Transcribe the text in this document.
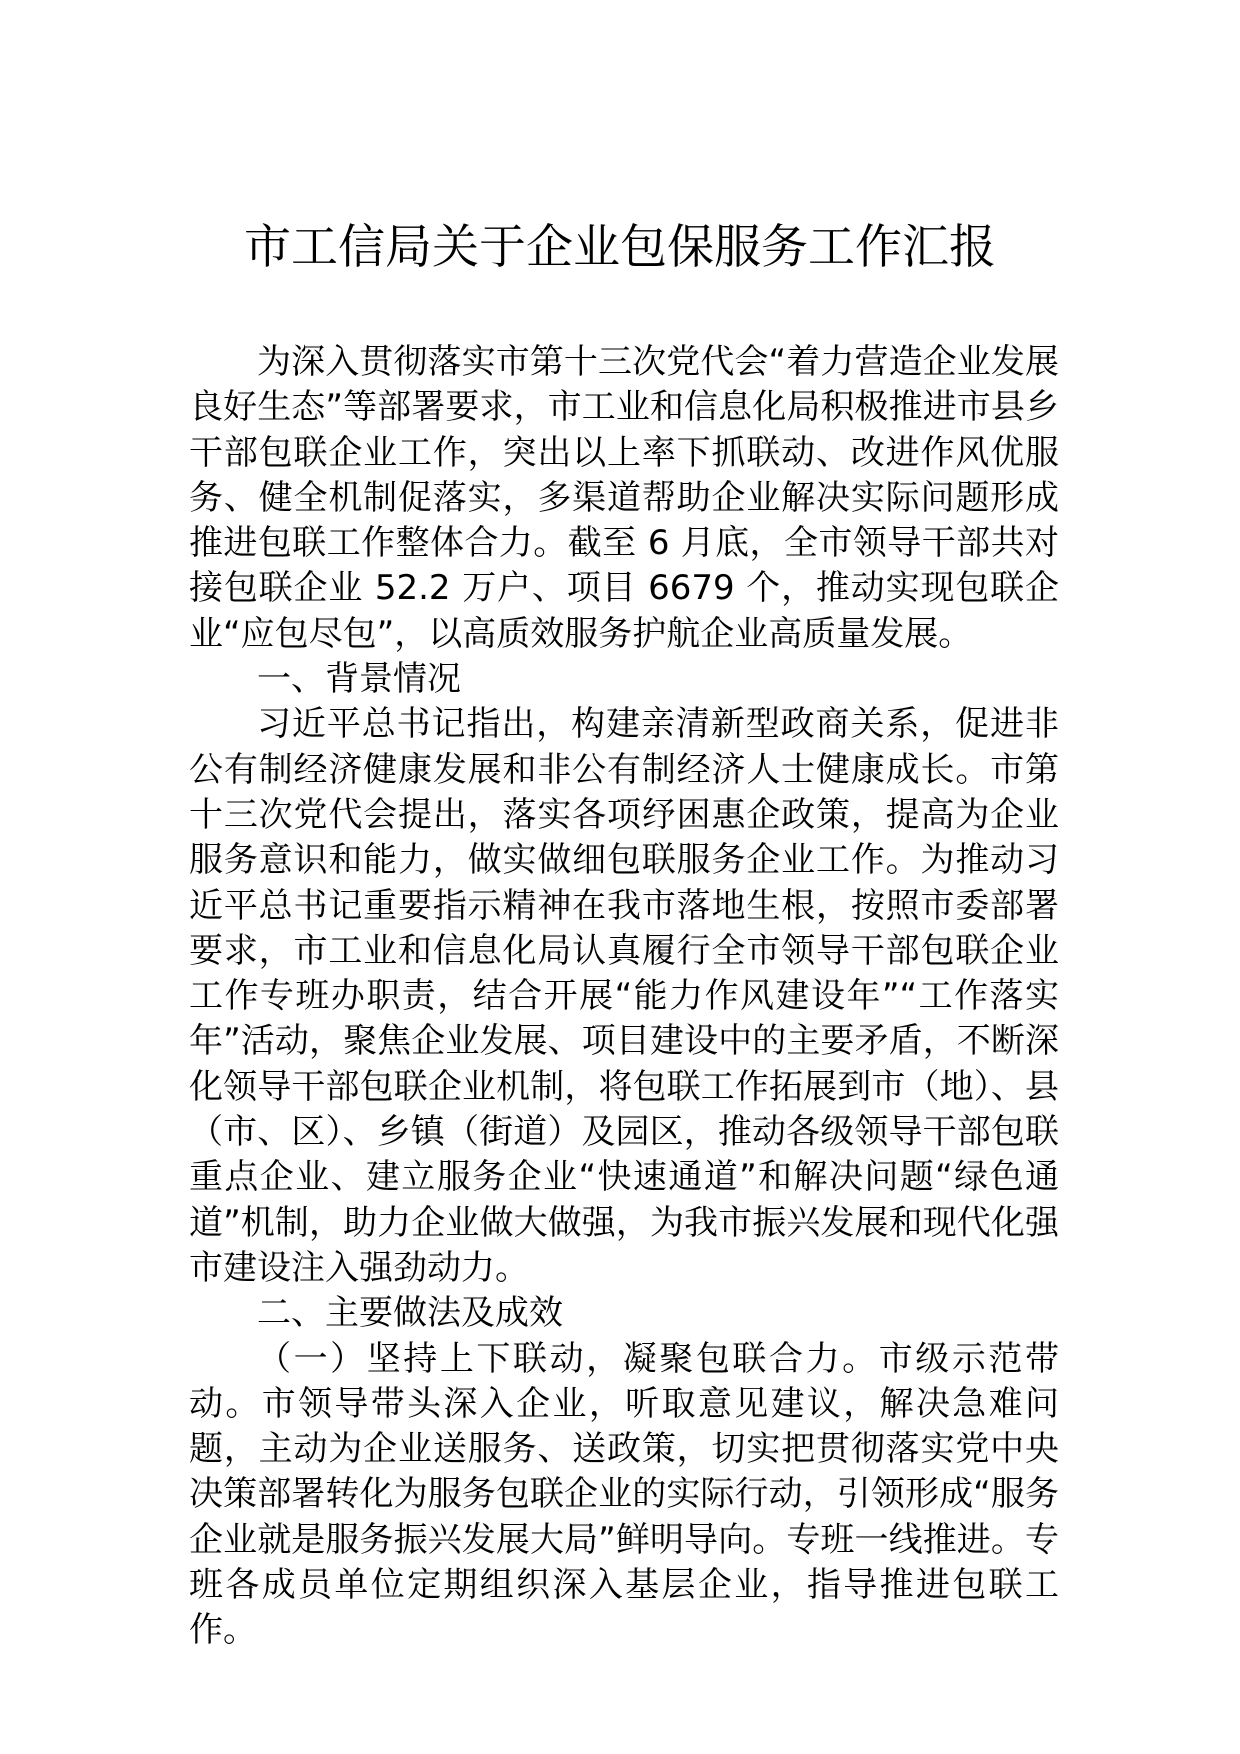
市工信局关于企业包保服务工作汇报

为深入贯彻落实市第十三次党代会“着力营造企业发展良好生态”等部署要求，市工业和信息化局积极推进市县乡干部包联企业工作，突出以上率下抓联动、改进作风优服务、健全机制促落实，多渠道帮助企业解决实际问题形成推进包联工作整体合力。截至 6 月底，全市领导干部共对接包联企业 52.2 万户、项目 6679 个，推动实现包联企业“应包尽包”，以高质效服务护航企业高质量发展。

一、背景情况

习近平总书记指出，构建亲清新型政商关系，促进非公有制经济健康发展和非公有制经济人士健康成长。市第十三次党代会提出，落实各项纾困惠企政策，提高为企业服务意识和能力，做实做细包联服务企业工作。为推动习近平总书记重要指示精神在我市落地生根，按照市委部署要求，市工业和信息化局认真履行全市领导干部包联企业工作专班办职责，结合开展“能力作风建设年”“工作落实年”活动，聚焦企业发展、项目建设中的主要矛盾，不断深化领导干部包联企业机制，将包联工作拓展到市（地）、县（市、区）、乡镇（街道）及园区，推动各级领导干部包联重点企业、建立服务企业“快速通道”和解决问题“绿色通道”机制，助力企业做大做强，为我市振兴发展和现代化强市建设注入强劲动力。

二、主要做法及成效

（一）坚持上下联动，凝聚包联合力。市级示范带动。市领导带头深入企业，听取意见建议，解决急难问题，主动为企业送服务、送政策，切实把贯彻落实党中央决策部署转化为服务包联企业的实际行动，引领形成“服务企业就是服务振兴发展大局”鲜明导向。专班一线推进。专班各成员单位定期组织深入基层企业，指导推进包联工作。
